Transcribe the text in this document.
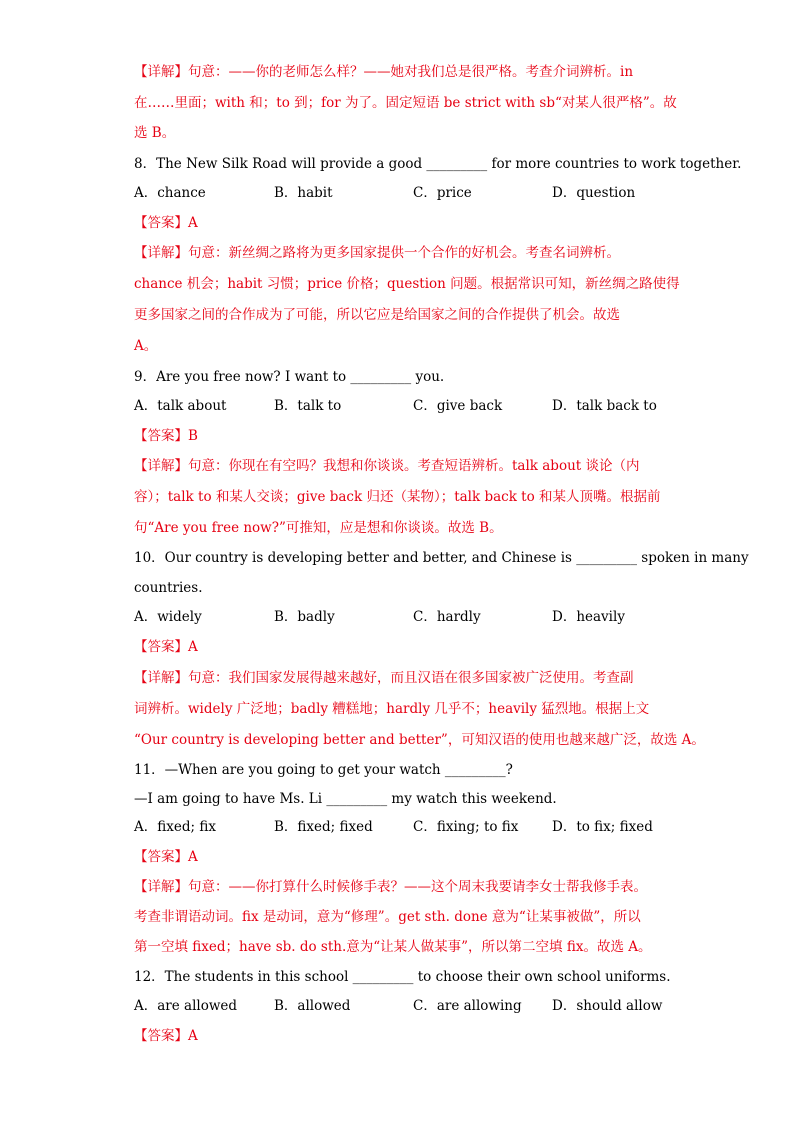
【详解】句意：——你的老师怎么样？——她对我们总是很严格。考查介词辨析。in
在……里面；with 和；to 到；for 为了。固定短语 be strict with sb“对某人很严格”。故
选 B。
8．The New Silk Road will provide a good _________ for more countries to work together.
A．chance	B．habit	C．price	D．question
【答案】A
【详解】句意：新丝绸之路将为更多国家提供一个合作的好机会。考查名词辨析。
chance 机会；habit 习惯；price 价格；question 问题。根据常识可知，新丝绸之路使得
更多国家之间的合作成为了可能，所以它应是给国家之间的合作提供了机会。故选
A。
9．Are you free now? I want to _________ you.
A．talk about	B．talk to	C．give back	D．talk back to
【答案】B
【详解】句意：你现在有空吗？我想和你谈谈。考查短语辨析。talk about 谈论（内
容）；talk to 和某人交谈；give back 归还（某物）；talk back to 和某人顶嘴。根据前
句“Are you free now?”可推知，应是想和你谈谈。故选 B。
10．Our country is developing better and better, and Chinese is _________ spoken in many
countries.
A．widely	B．badly	C．hardly	D．heavily
【答案】A
【详解】句意：我们国家发展得越来越好，而且汉语在很多国家被广泛使用。考查副
词辨析。widely 广泛地；badly 糟糕地；hardly 几乎不；heavily 猛烈地。根据上文
“Our country is developing better and better”，可知汉语的使用也越来越广泛，故选 A。
11．—When are you going to get your watch _________?
—I am going to have Ms. Li _________ my watch this weekend.
A．fixed; fix	B．fixed; fixed	C．fixing; to fix D．to fix; fixed
【答案】A
【详解】句意：——你打算什么时候修手表？——这个周末我要请李女士帮我修手表。
考查非谓语动词。fix 是动词，意为“修理”。get sth. done 意为“让某事被做”，所以
第一空填 fixed；have sb. do sth.意为“让某人做某事”，所以第二空填 fix。故选 A。
12．The students in this school _________ to choose their own school uniforms.
A．are allowed	B．allowed	C．are allowing D．should allow
【答案】A
